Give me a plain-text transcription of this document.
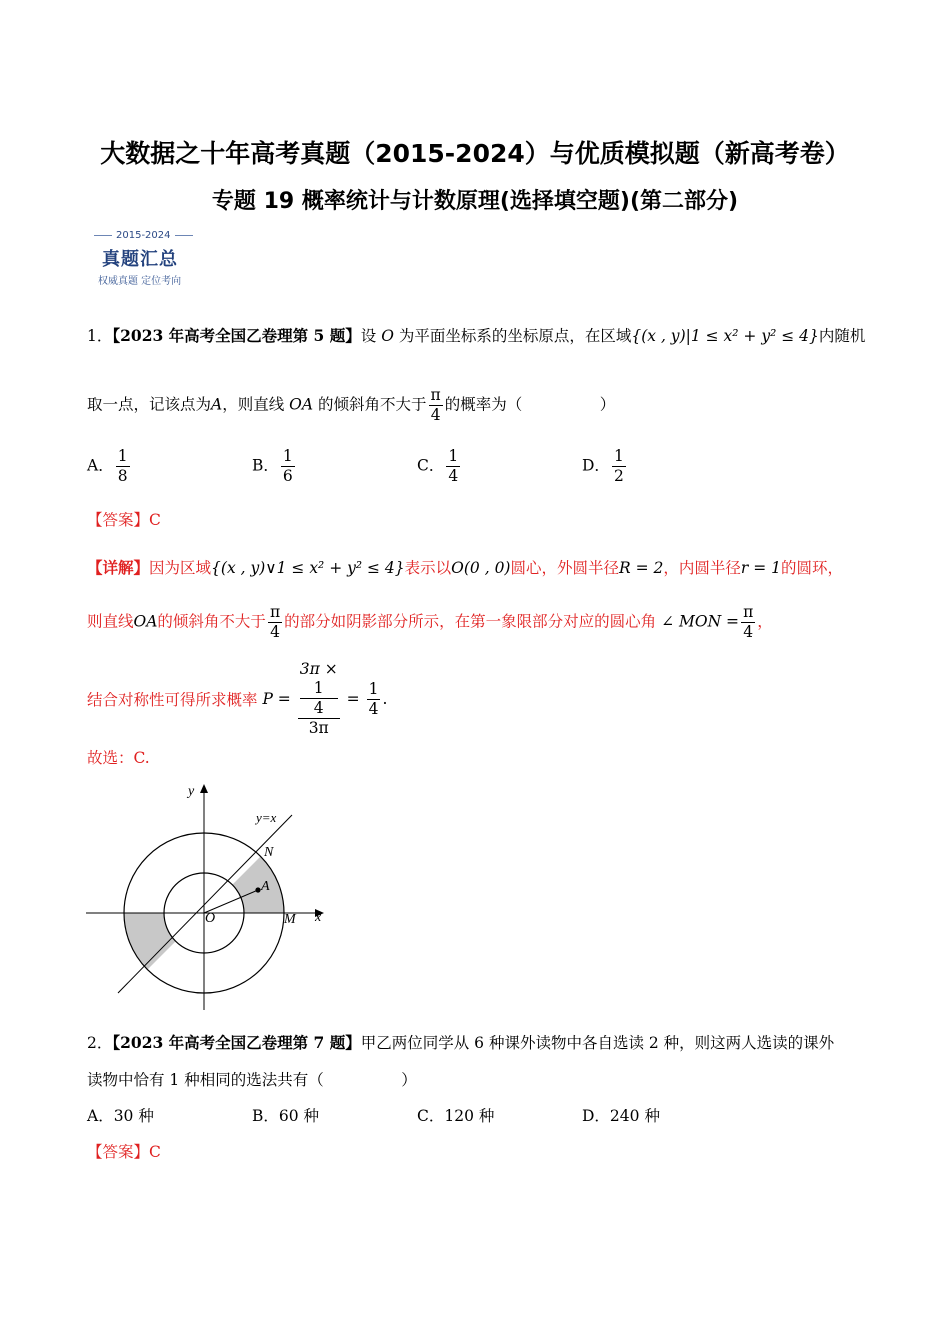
大数据之十年高考真题（2015-2024）与优质模拟题（新高考卷）
专题 19 概率统计与计数原理(选择填空题)(第二部分)
2015-2024
真题汇总
权威真题 定位考向
1．【2023 年高考全国乙卷理第 5 题】设 O 为平面坐标系的坐标原点，在区域{(x , y)|1 ≤ x² + y² ≤ 4}内随机
取一点，记该点为A，则直线 OA 的倾斜角不大于 $\frac{\pi}{4}$ 的概率为（　　　　　）
A． $\frac{1}{8}$	B． $\frac{1}{6}$	C． $\frac{1}{4}$	D． $\frac{1}{2}$
【答案】C
【详解】因为区域{(x , y)∨1 ≤ x² + y² ≤ 4}表示以O(0 , 0)圆心，外圆半径R = 2，内圆半径r = 1的圆环，
则直线OA的倾斜角不大于 $\frac{\pi}{4}$ 的部分如阴影部分所示，在第一象限部分对应的圆心角 ∠ MON = $\frac{\pi}{4}$ ，
结合对称性可得所求概率 P = 3π ×
1
4
$3\pi = \frac{1}{4}$ .
故选：C.
y
x
y=x
N
A
O	M
2．【2023 年高考全国乙卷理第 7 题】甲乙两位同学从 6 种课外读物中各自选读 2 种，则这两人选读的课外
读物中恰有 1 种相同的选法共有（　　　　　）
A．30 种	B．60 种	C．120 种	D．240 种
【答案】C
